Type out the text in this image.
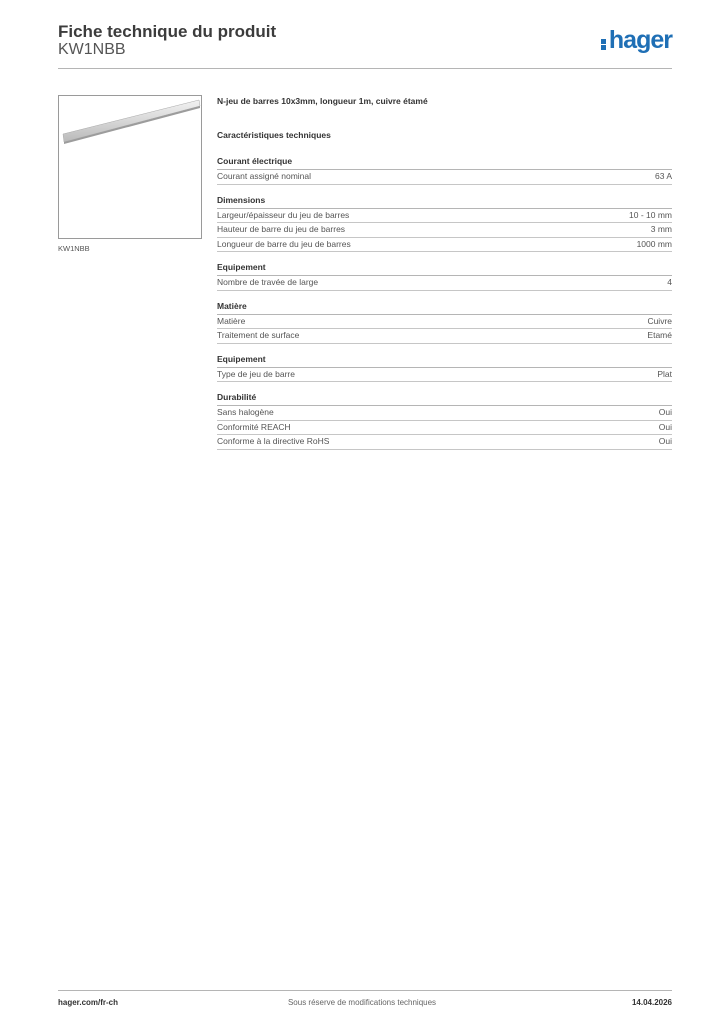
Fiche technique du produit
KW1NBB	hager
KW1NBB
N-jeu de barres 10x3mm, longueur 1m, cuivre étamé
Caractéristiques techniques
Courant électrique
Courant assigné nominal	63 A
Dimensions
Largeur/épaisseur du jeu de barres	10 - 10 mm
Hauteur de barre du jeu de barres	3 mm
Longueur de barre du jeu de barres	1000 mm
Equipement
Nombre de travée de large	4
Matière
Matière	Cuivre
Traitement de surface	Etamé
Equipement
Type de jeu de barre	Plat
Durabilité
Sans halogène	Oui
Conformité REACH	Oui
Conforme à la directive RoHS	Oui
hager.com/fr-ch	Sous réserve de modifications techniques	14.04.2026
